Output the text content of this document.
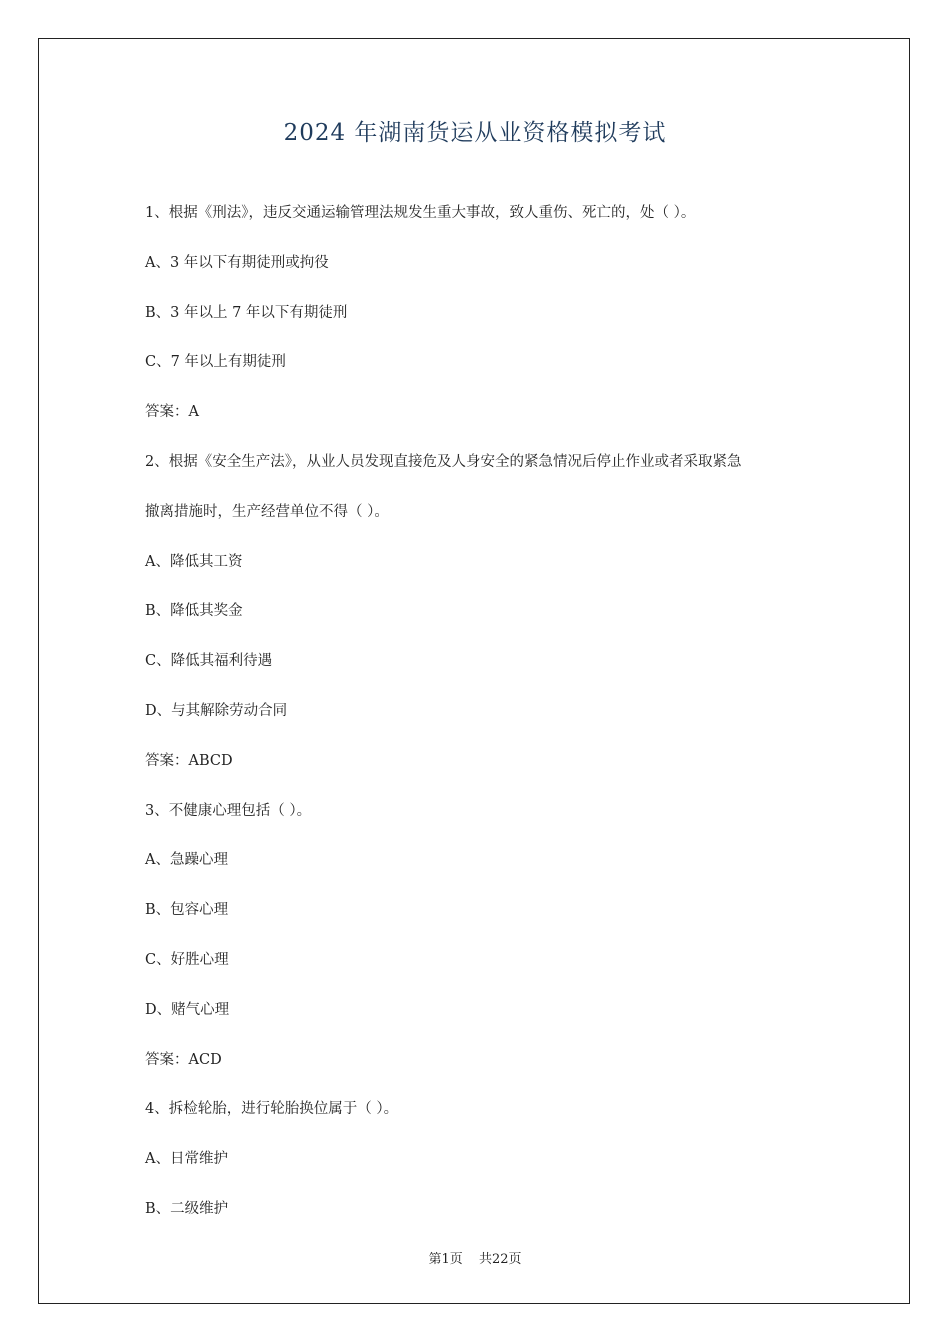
2024 年湖南货运从业资格模拟考试
1、根据《刑法》，违反交通运输管理法规发生重大事故，致人重伤、死亡的，处（ ）。
A、3 年以下有期徒刑或拘役
B、3 年以上 7 年以下有期徒刑
C、7 年以上有期徒刑
答案：A
2、根据《安全生产法》，从业人员发现直接危及人身安全的紧急情况后停止作业或者采取紧急
撤离措施时，生产经营单位不得（ ）。
A、降低其工资
B、降低其奖金
C、降低其福利待遇
D、与其解除劳动合同
答案：ABCD
3、不健康心理包括（ ）。
A、急躁心理
B、包容心理
C、好胜心理
D、赌气心理
答案：ACD
4、拆检轮胎，进行轮胎换位属于（ ）。
A、日常维护
B、二级维护
第1页 共22页
